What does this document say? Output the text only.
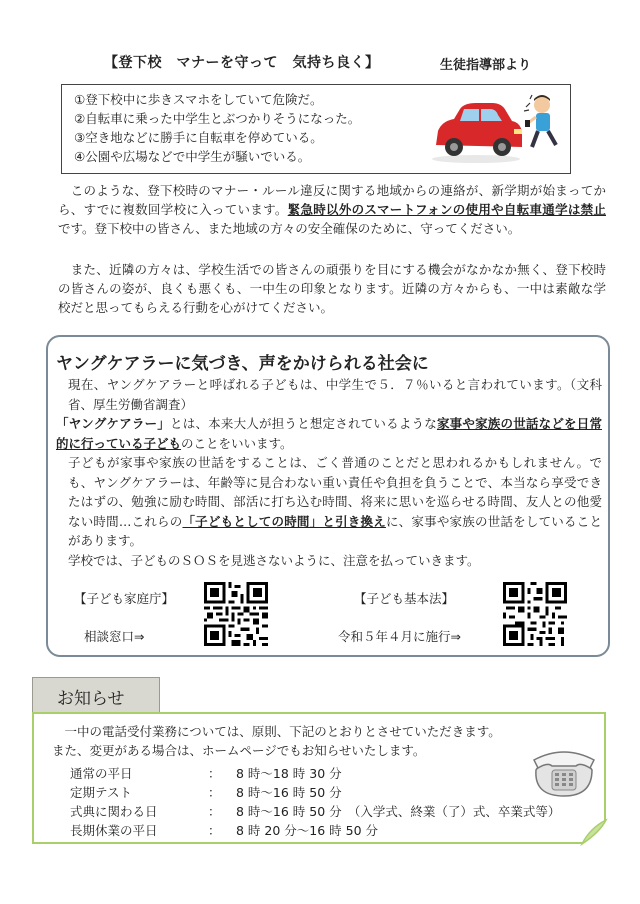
【登下校　マナーを守って　気持ち良く】	生徒指導部より
①登下校中に歩きスマホをしていて危険だ。
②自転車に乗った中学生とぶつかりそうになった。
③空き地などに勝手に自転車を停めている。
④公園や広場などで中学生が騒いでいる。

　このような、登下校時のマナー・ルール違反に関する地域からの連絡が、新学期が始まってから、すでに複数回学校に入っています。緊急時以外のスマートフォンの使用や自転車通学は禁止です。登下校中の皆さん、また地域の方々の安全確保のために、守ってください。

　また、近隣の方々は、学校生活での皆さんの頑張りを目にする機会がなかなか無く、登下校時の皆さんの姿が、良くも悪くも、一中生の印象となります。近隣の方々からも、一中は素敵な学校だと思ってもらえる行動を心がけてください。

ヤングケアラーに気づき、声をかけられる社会に

現在、ヤングケアラーと呼ばれる子どもは、中学生で５．７％いると言われています。（文科省、厚生労働省調査）

「ヤングケアラー」とは、本来大人が担うと想定されているような家事や家族の世話などを日常的に行っている子どものことをいいます。

子どもが家事や家族の世話をすることは、ごく普通のことだと思われるかもしれません。でも、ヤングケアラーは、年齢等に見合わない重い責任や負担を負うことで、本当なら享受できたはずの、勉強に励む時間、部活に打ち込む時間、将来に思いを巡らせる時間、友人との他愛ない時間…これらの「子どもとしての時間」と引き換えに、家事や家族の世話をしていることがあります。

学校では、子どものＳＯＳを見逃さないように、注意を払っていきます。

【子ども家庭庁】
相談窓口⇒
【子ども基本法】
令和５年４月に施行⇒
お知らせ
　一中の電話受付業務については、原則、下記のとおりとさせていただきます。
また、変更がある場合は、ホームページでもお知らせいたします。
通常の平日	： 8 時〜18 時 30 分
定期テスト	： 8 時〜16 時 50 分
式典に関わる日	： 8 時〜16 時 50 分　（入学式、終業（了）式、卒業式等）
長期休業の平日	： 8 時 20 分〜16 時 50 分
